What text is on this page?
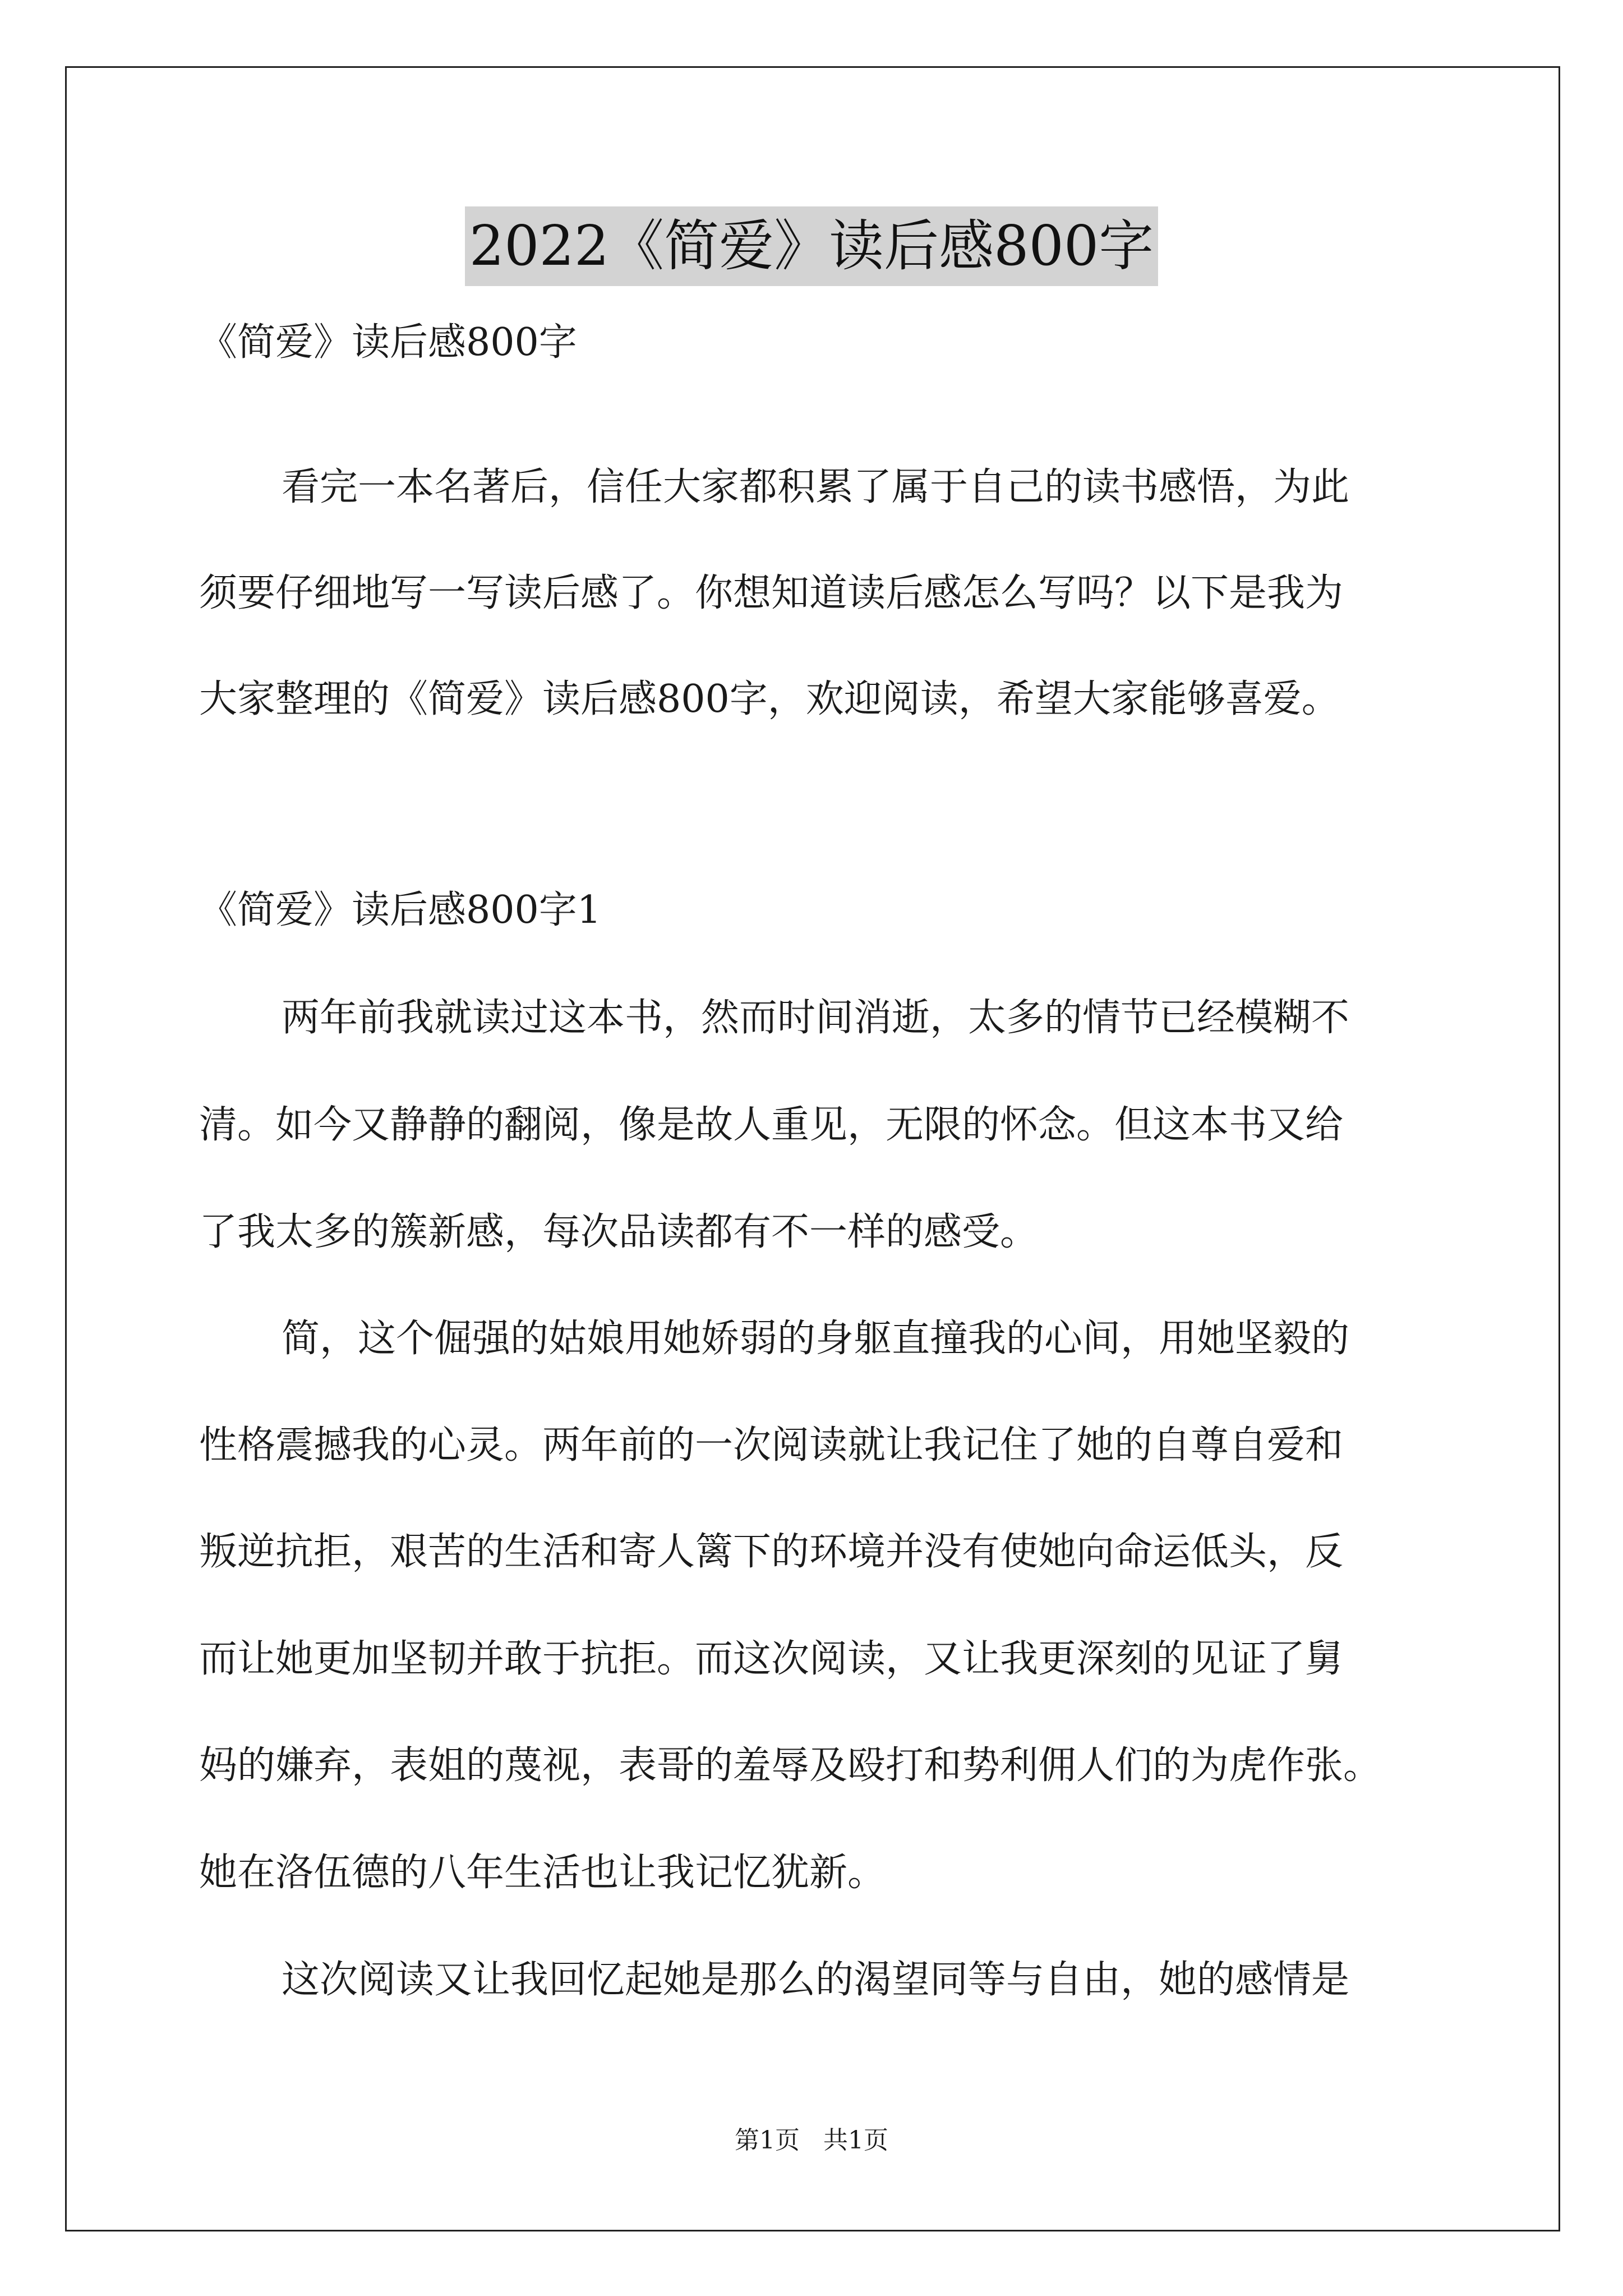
2022《简爱》读后感800字
《简爱》读后感800字
看完一本名著后，信任大家都积累了属于自己的读书感悟，为此
须要仔细地写一写读后感了。你想知道读后感怎么写吗？以下是我为
大家整理的《简爱》读后感800字，欢迎阅读，希望大家能够喜爱。
《简爱》读后感800字1
两年前我就读过这本书，然而时间消逝，太多的情节已经模糊不
清。如今又静静的翻阅，像是故人重见，无限的怀念。但这本书又给
了我太多的簇新感，每次品读都有不一样的感受。
简，这个倔强的姑娘用她娇弱的身躯直撞我的心间，用她坚毅的
性格震撼我的心灵。两年前的一次阅读就让我记住了她的自尊自爱和
叛逆抗拒，艰苦的生活和寄人篱下的环境并没有使她向命运低头，反
而让她更加坚韧并敢于抗拒。而这次阅读，又让我更深刻的见证了舅
妈的嫌弃，表姐的蔑视，表哥的羞辱及殴打和势利佣人们的为虎作张。
她在洛伍德的八年生活也让我记忆犹新。
这次阅读又让我回忆起她是那么的渴望同等与自由，她的感情是
第1页   共1页
